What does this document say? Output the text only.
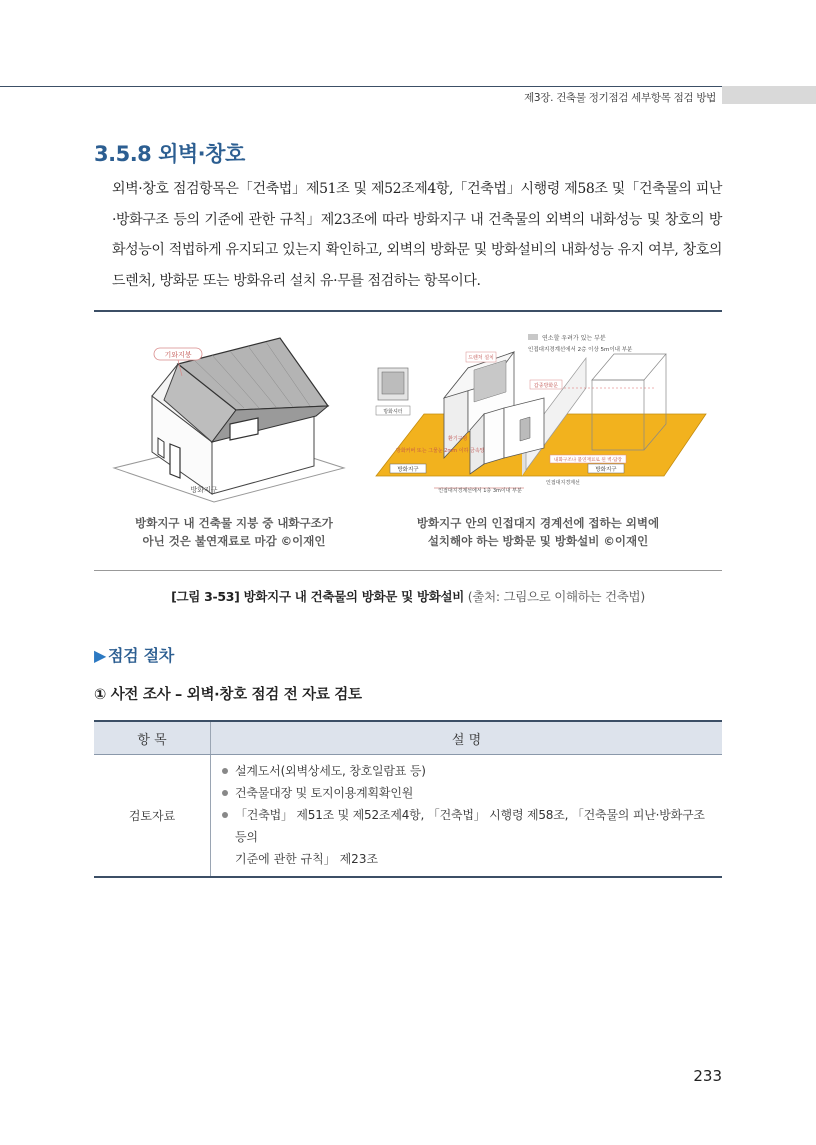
제3장. 건축물 정기점검 세부항목 점검 방법
3.5.8 외벽·창호

외벽·창호 점검항목은「건축법」제51조 및 제52조제4항,「건축법」시행령 제58조 및「건축물의 피난·방화구조 등의 기준에 관한 규칙」제23조에 따라 방화지구 내 건축물의 외벽의 내화성능 및 창호의 방화성능이 적법하게 유지되고 있는지 확인하고, 외벽의 방화문 및 방화설비의 내화성능 유지 여부, 창호의 드렌처, 방화문 또는 방화유리 설치 유·무를 점검하는 항목이다.

기와지붕
방화지구
방화지구 내 건축물 지붕 중 내화구조가
아닌 것은 불연재료로 마감 ©이재인
방화셔터
연소할 우려가 있는 부분
인접대지경계선에서 2층 이상 5m이내 부분
드렌처 설치
갑종방화문
환기구멍
방화커버 또는 그물눈 2mm 이하 금속망
내화구조나 불연재료로 된 벽·담장
방화지구	방화지구
인접대지경계선
인접대지경계선에서 1층 3m이내 부분
방화지구 안의 인접대지 경계선에 접하는 외벽에
설치해야 하는 방화문 및 방화설비 ©이재인
[그림 3-53] 방화지구 내 건축물의 방화문 및 방화설비 (출처: 그림으로 이해하는 건축법)
▶ 점검 절차
① 사전 조사 – 외벽·창호 점검 전 자료 검토
항 목	설 명
검토자료	설계도서(외벽상세도, 창호일람표 등)
건축물대장 및 토지이용계획확인원
「건축법」 제51조 및 제52조제4항, 「건축법」 시행령 제58조, 「건축물의 피난·방화구조 등의
기준에 관한 규칙」 제23조
233
